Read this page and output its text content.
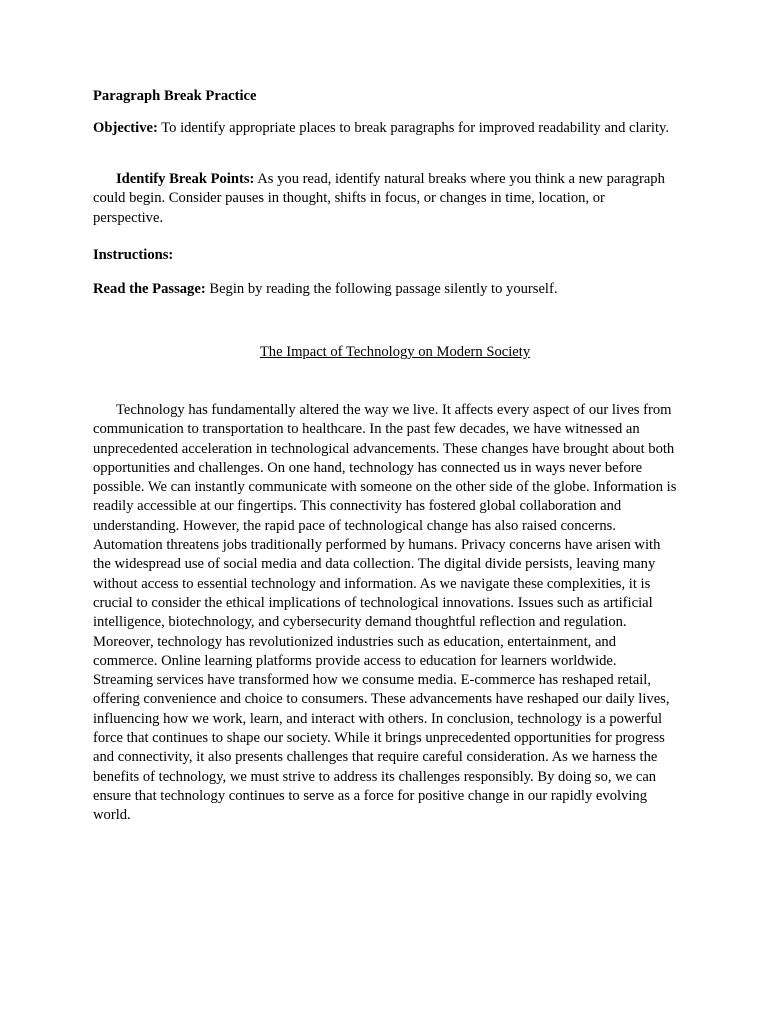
Paragraph Break Practice
Objective: To identify appropriate places to break paragraphs for improved readability and clarity.
Identify Break Points: As you read, identify natural breaks where you think a new paragraph could begin. Consider pauses in thought, shifts in focus, or changes in time, location, or perspective.
Instructions:
Read the Passage: Begin by reading the following passage silently to yourself.
The Impact of Technology on Modern Society
Technology has fundamentally altered the way we live. It affects every aspect of our lives from communication to transportation to healthcare. In the past few decades, we have witnessed an unprecedented acceleration in technological advancements. These changes have brought about both opportunities and challenges. On one hand, technology has connected us in ways never before possible. We can instantly communicate with someone on the other side of the globe. Information is readily accessible at our fingertips. This connectivity has fostered global collaboration and understanding. However, the rapid pace of technological change has also raised concerns. Automation threatens jobs traditionally performed by humans. Privacy concerns have arisen with the widespread use of social media and data collection. The digital divide persists, leaving many without access to essential technology and information. As we navigate these complexities, it is crucial to consider the ethical implications of technological innovations. Issues such as artificial intelligence, biotechnology, and cybersecurity demand thoughtful reflection and regulation. Moreover, technology has revolutionized industries such as education, entertainment, and commerce. Online learning platforms provide access to education for learners worldwide. Streaming services have transformed how we consume media. E-commerce has reshaped retail, offering convenience and choice to consumers. These advancements have reshaped our daily lives, influencing how we work, learn, and interact with others. In conclusion, technology is a powerful force that continues to shape our society. While it brings unprecedented opportunities for progress and connectivity, it also presents challenges that require careful consideration. As we harness the benefits of technology, we must strive to address its challenges responsibly. By doing so, we can ensure that technology continues to serve as a force for positive change in our rapidly evolving world.
